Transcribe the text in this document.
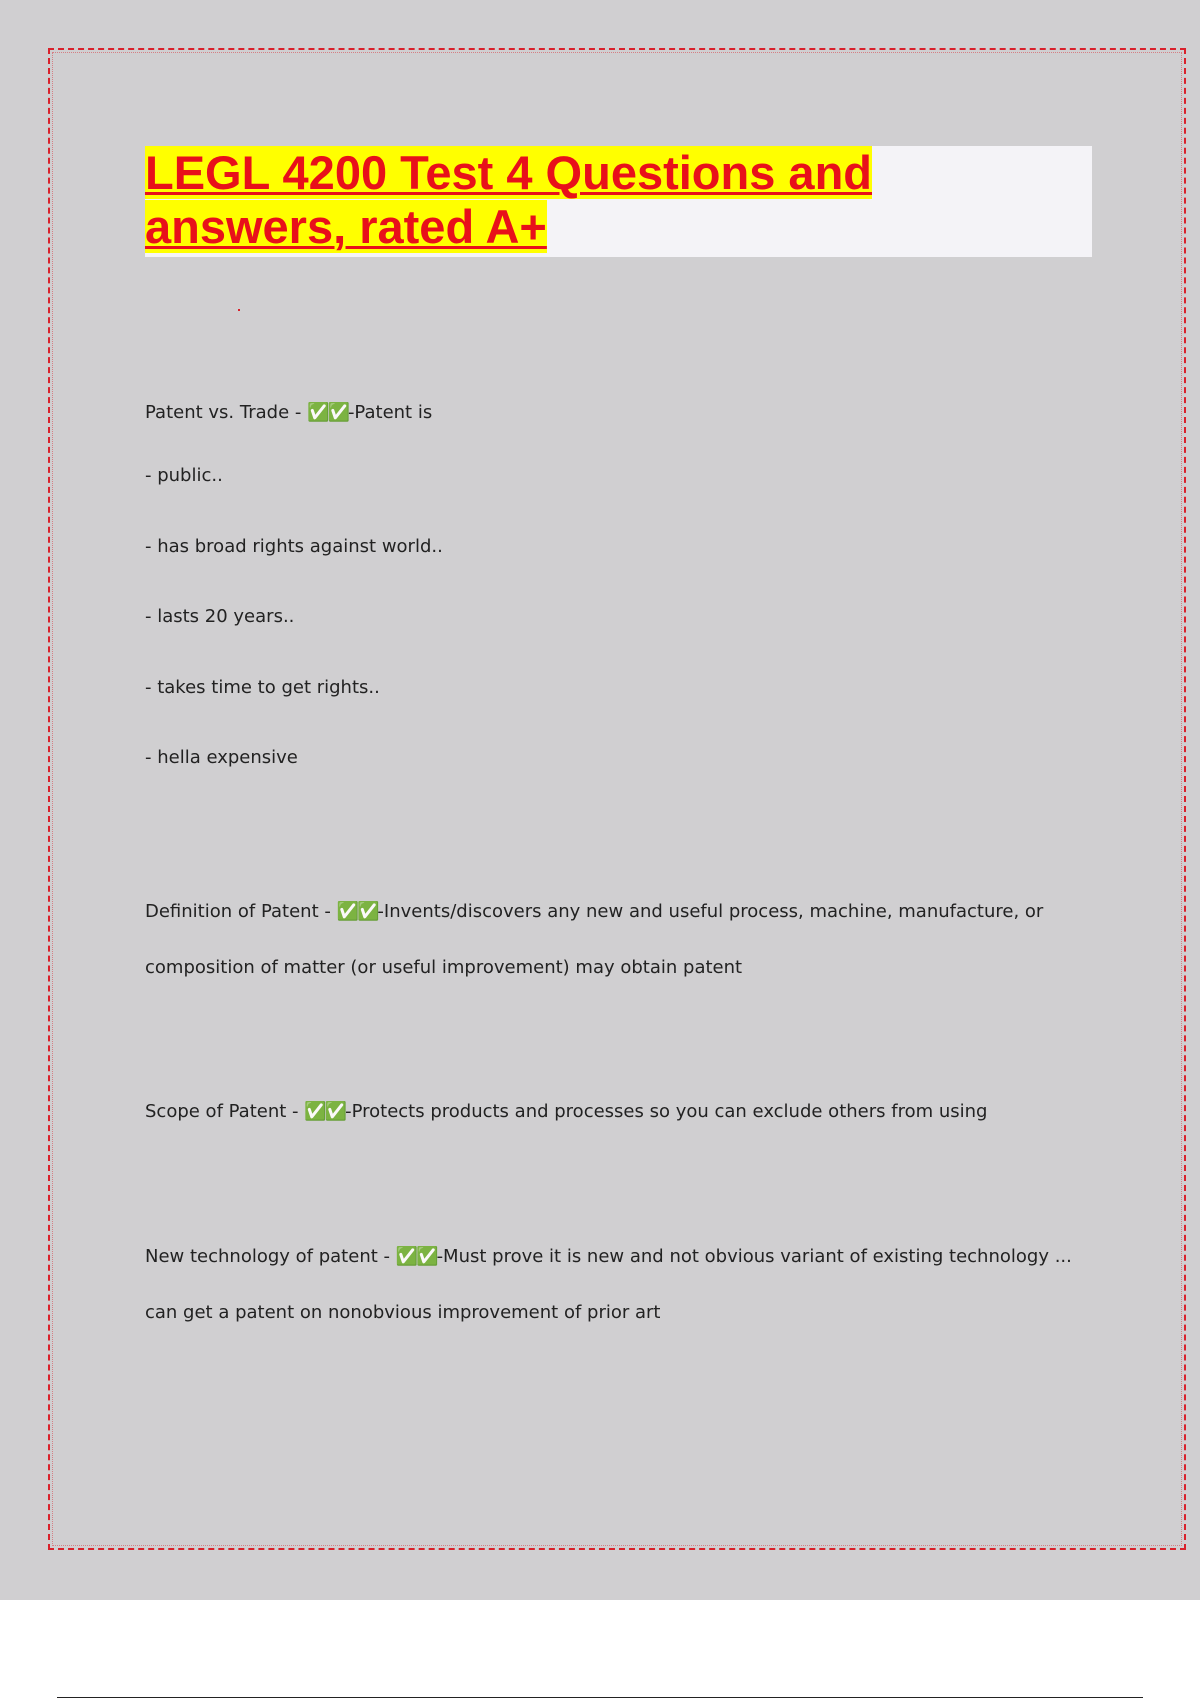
LEGL 4200 Test 4 Questions and
answers, rated A+
Patent vs. Trade - ✅✅-Patent is
- public..
- has broad rights against world..
- lasts 20 years..
- takes time to get rights..
- hella expensive
Definition of Patent - ✅✅-Invents/discovers any new and useful process, machine, manufacture, or
composition of matter (or useful improvement) may obtain patent
Scope of Patent - ✅✅-Protects products and processes so you can exclude others from using
New technology of patent - ✅✅-Must prove it is new and not obvious variant of existing technology ...
can get a patent on nonobvious improvement of prior art
